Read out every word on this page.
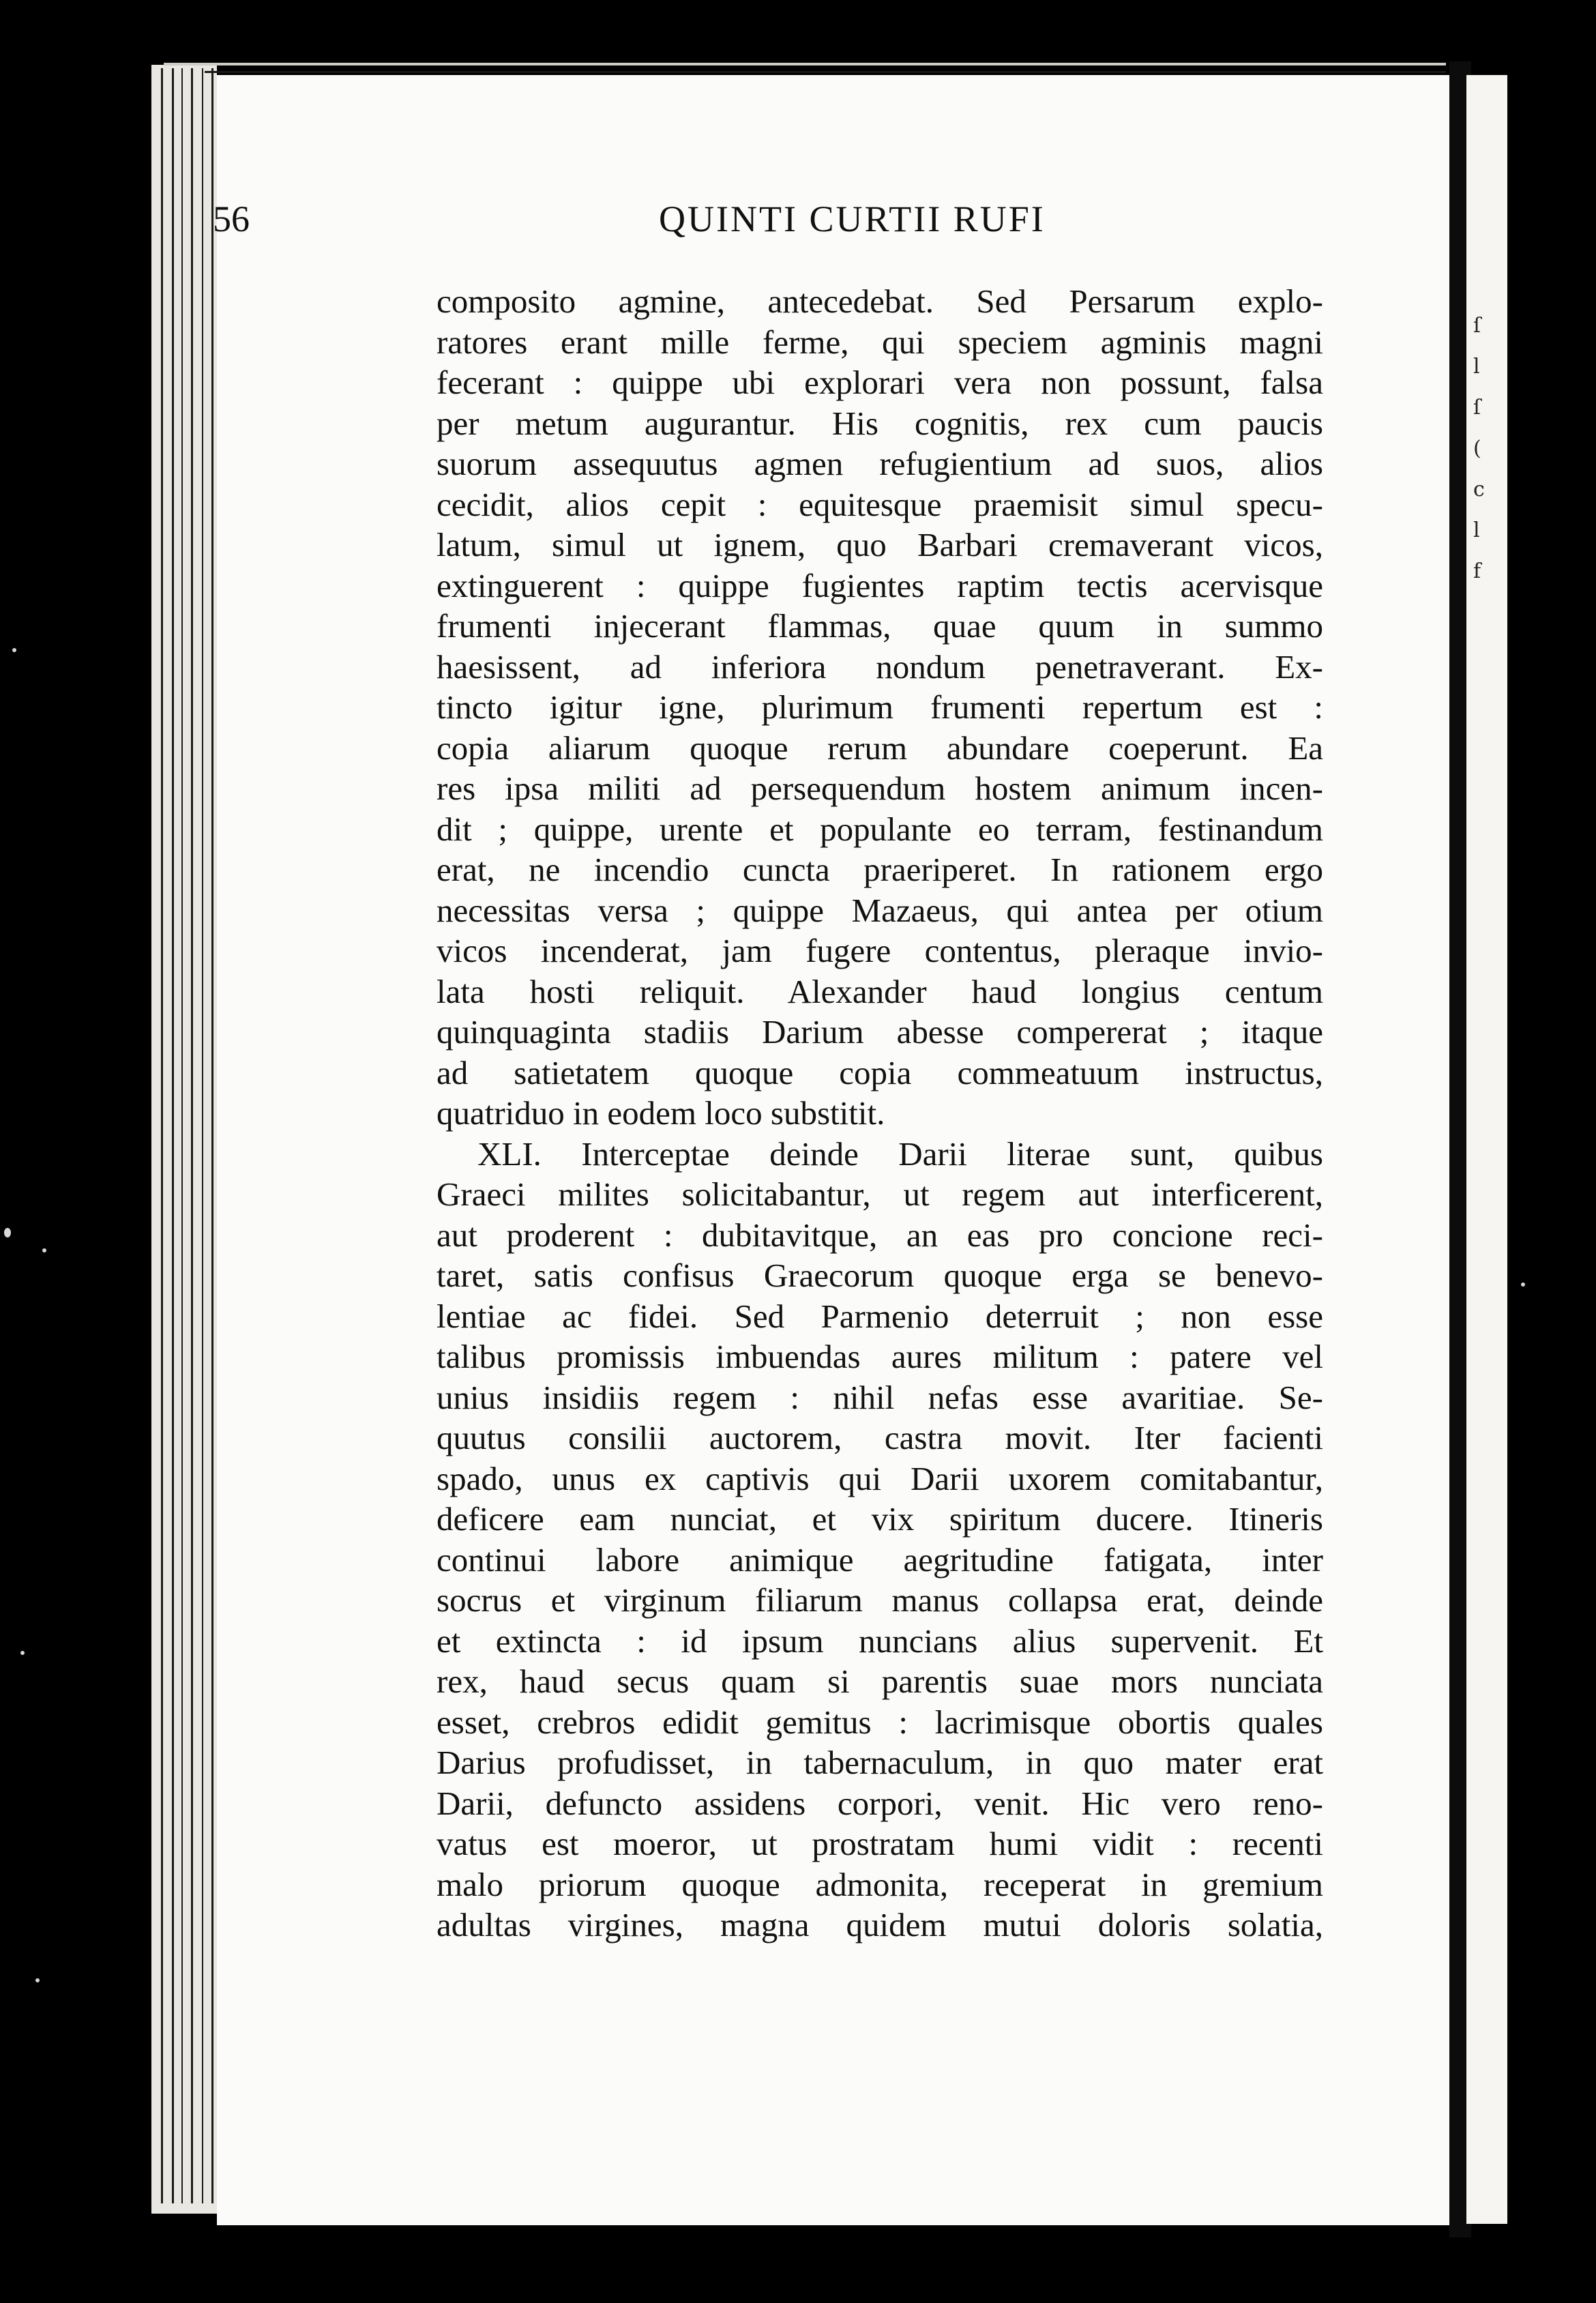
ſ
l
ſ
(
c
l
f
56	QUINTI CURTII RUFI
composito agmine, antecedebat. Sed Persarum explo-
ratores erant mille ferme, qui speciem agminis magni
fecerant : quippe ubi explorari vera non possunt, falsa
per metum augurantur. His cognitis, rex cum paucis
suorum assequutus agmen refugientium ad suos, alios
cecidit, alios cepit : equitesque praemisit simul specu-
latum, simul ut ignem, quo Barbari cremaverant vicos,
extinguerent : quippe fugientes raptim tectis acervisque
frumenti injecerant flammas, quae quum in summo
haesissent, ad inferiora nondum penetraverant. Ex-
tincto igitur igne, plurimum frumenti repertum est :
copia aliarum quoque rerum abundare coeperunt. Ea
res ipsa militi ad persequendum hostem animum incen-
dit ; quippe, urente et populante eo terram, festinandum
erat, ne incendio cuncta praeriperet. In rationem ergo
necessitas versa ; quippe Mazaeus, qui antea per otium
vicos incenderat, jam fugere contentus, pleraque invio-
lata hosti reliquit. Alexander haud longius centum
quinquaginta stadiis Darium abesse compererat ; itaque
ad satietatem quoque copia commeatuum instructus,
quatriduo in eodem loco substitit.
XLI. Interceptae deinde Darii literae sunt, quibus
Graeci milites solicitabantur, ut regem aut interficerent,
aut proderent : dubitavitque, an eas pro concione reci-
taret, satis confisus Graecorum quoque erga se benevo-
lentiae ac fidei. Sed Parmenio deterruit ; non esse
talibus promissis imbuendas aures militum : patere vel
unius insidiis regem : nihil nefas esse avaritiae. Se-
quutus consilii auctorem, castra movit. Iter facienti
spado, unus ex captivis qui Darii uxorem comitabantur,
deficere eam nunciat, et vix spiritum ducere. Itineris
continui labore animique aegritudine fatigata, inter
socrus et virginum filiarum manus collapsa erat, deinde
et extincta : id ipsum nuncians alius supervenit. Et
rex, haud secus quam si parentis suae mors nunciata
esset, crebros edidit gemitus : lacrimisque obortis quales
Darius profudisset, in tabernaculum, in quo mater erat
Darii, defuncto assidens corpori, venit. Hic vero reno-
vatus est moeror, ut prostratam humi vidit : recenti
malo priorum quoque admonita, receperat in gremium
adultas virgines, magna quidem mutui doloris solatia,
